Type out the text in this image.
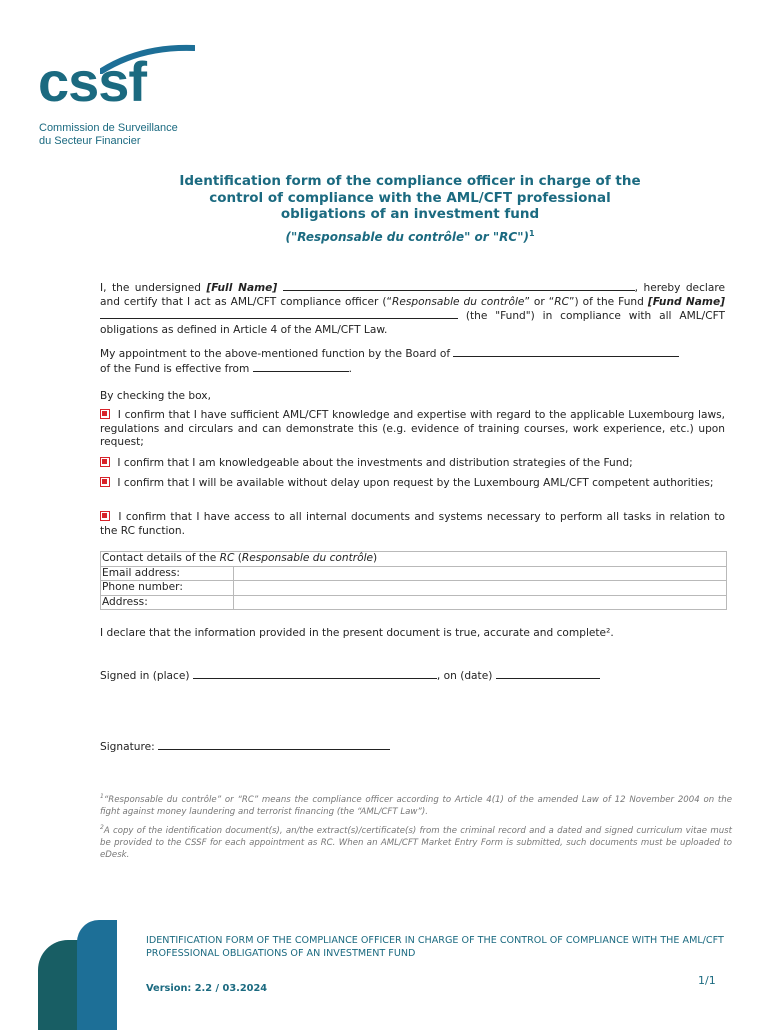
cssf
Commission de Surveillance
du Secteur Financier
Identification form of the compliance officer in charge of the
control of compliance with the AML/CFT professional
obligations of an investment fund
("Responsable du contrôle" or "RC")$^1$
I, the undersigned [Full Name]	, hereby declare and certify that I act as AML/CFT compliance officer (“Responsable du contrôle” or “RC”) of the Fund [Fund Name]  (the "Fund") in compliance with all AML/CFT obligations as defined in Article 4 of the AML/CFT Law.
My appointment to the above-mentioned function by the Board of
of the Fund is effective from	.
By checking the box,
I confirm that I have sufficient AML/CFT knowledge and expertise with regard to the applicable Luxembourg laws, regulations and circulars and can demonstrate this (e.g. evidence of training courses, work experience, etc.) upon request;
I confirm that I am knowledgeable about the investments and distribution strategies of the Fund;
I confirm that I will be available without delay upon request by the Luxembourg AML/CFT competent authorities;
I confirm that I have access to all internal documents and systems necessary to perform all tasks in relation to the RC function.
Contact details of the RC (Responsable du contrôle)	
Email address:	
Phone number:	
Address:	
I declare that the information provided in the present document is true, accurate and complete².
Signed in (place)	, on (date)
Signature:
$^1$“Responsable du contrôle” or “RC” means the compliance officer according to Article 4(1) of the amended Law of 12 November 2004 on the fight against money laundering and terrorist financing (the “AML/CFT Law”).
$^2$A copy of the identification document(s), an/the extract(s)/certificate(s) from the criminal record and a dated and signed curriculum vitae must be provided to the CSSF for each appointment as RC. When an AML/CFT Market Entry Form is submitted, such documents must be uploaded to eDesk.
IDENTIFICATION FORM OF THE COMPLIANCE OFFICER IN CHARGE OF THE CONTROL OF COMPLIANCE WITH THE AML/CFT PROFESSIONAL OBLIGATIONS OF AN INVESTMENT FUND
1/1
Version: 2.2 / 03.2024
